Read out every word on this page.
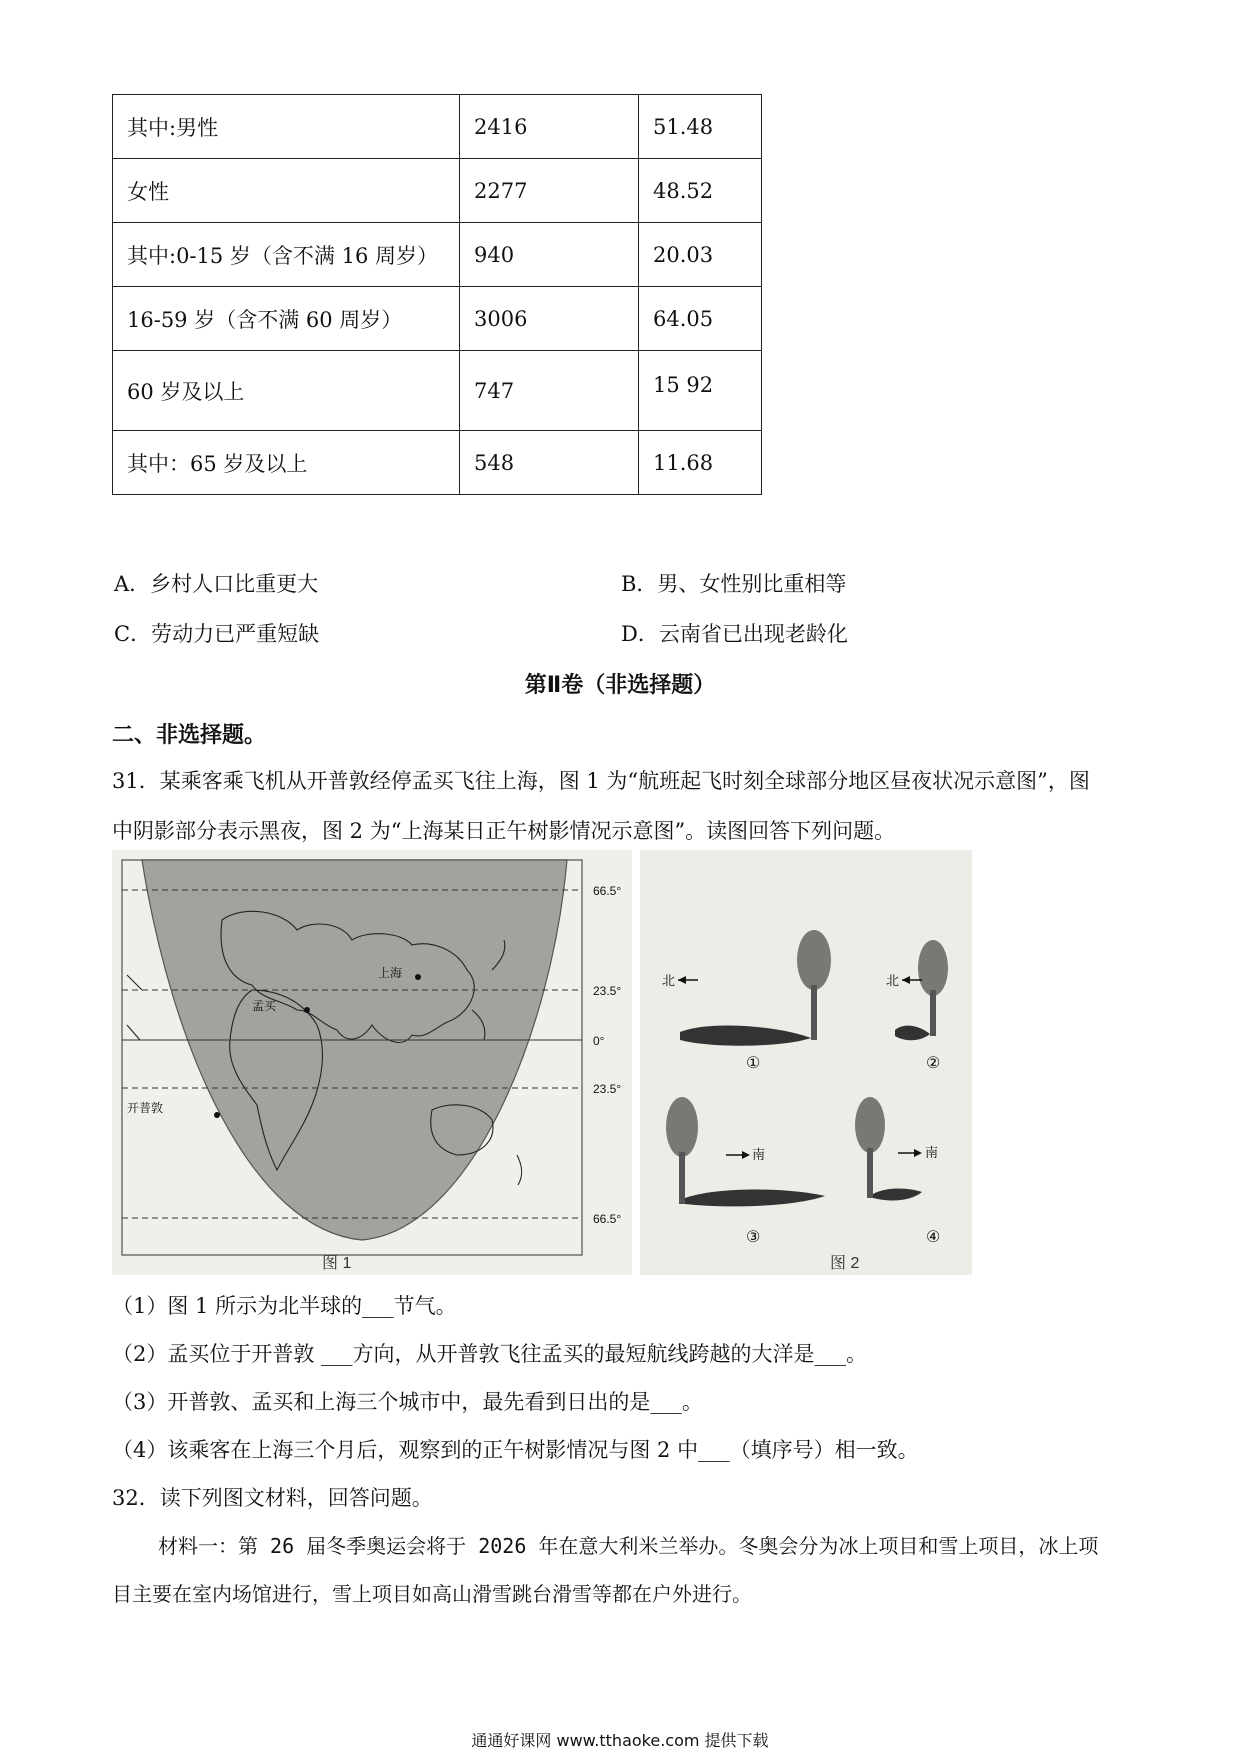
其中:男性	2416	51.48
女性	2277	48.52
其中:0-15 岁（含不满 16 周岁）	940	20.03
16-59 岁（含不满 60 周岁）	3006	64.05
60 岁及以上	747	15 92
其中：65 岁及以上	548	11.68
A．乡村人口比重更大	B．男、女性别比重相等
C．劳动力已严重短缺	D．云南省已出现老龄化
第Ⅱ卷（非选择题）
二、非选择题。
31．某乘客乘飞机从开普敦经停孟买飞往上海，图 1 为“航班起飞时刻全球部分地区昼夜状况示意图”，图
中阴影部分表示黑夜，图 2 为“上海某日正午树影情况示意图”。读图回答下列问题。
66.5°
23.5°
0°
23.5°
66.5°
上海
孟买
开普敦
图 1
北	北
南	南
①	②
③	④
图 2
（1）图 1 所示为北半球的___节气。
（2）孟买位于开普敦 ___方向，从开普敦飞往孟买的最短航线跨越的大洋是___。
（3）开普敦、孟买和上海三个城市中，最先看到日出的是___。
（4）该乘客在上海三个月后，观察到的正午树影情况与图 2 中___（填序号）相一致。
32．读下列图文材料，回答问题。
材料一：第 26 届冬季奥运会将于 2026 年在意大利米兰举办。冬奥会分为冰上项目和雪上项目，冰上项
目主要在室内场馆进行，雪上项目如高山滑雪跳台滑雪等都在户外进行。
通通好课网 www.tthaoke.com 提供下载
